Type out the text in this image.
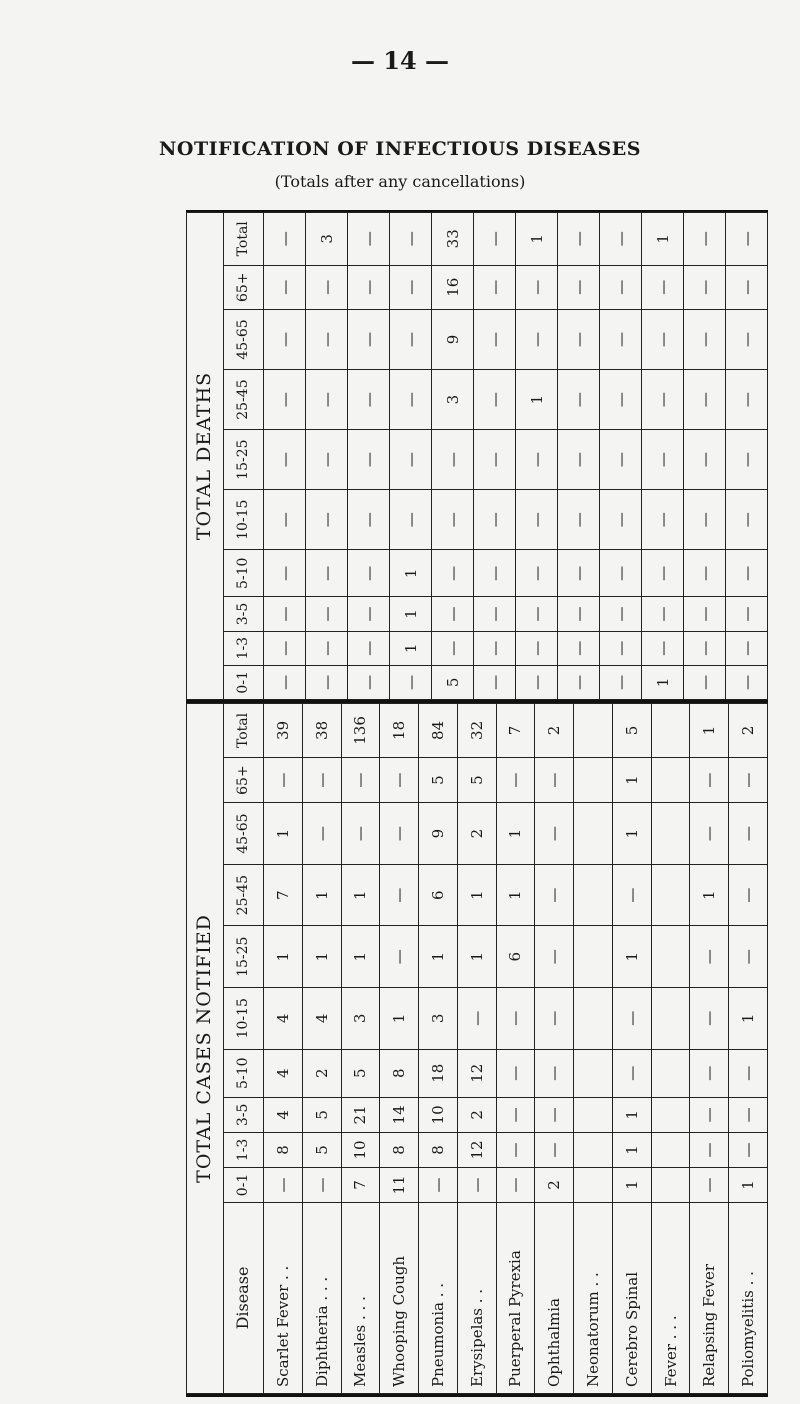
— 14 —
NOTIFICATION OF INFECTIOUS DISEASES
(Totals after any cancellations)
TOTAL DEATHS									
0-1	1-3	3-5	5-10	10-15	15-25	25-45	45-65	65+	Total
—	—	—	—	—	—	—	—	—	—
—	—	—	—	—	—	—	—	—	3
—	—	—	—	—	—	—	—	—	—
—	1	1	1	—	—	—	—	—	—
5	—	—	—	—	—	3	9	16	33
—	—	—	—	—	—	—	—	—	—
—	—	—	—	—	—	1	—	—	1
—	—	—	—	—	—	—	—	—	—
—	—	—	—	—	—	—	—	—	—
1	—	—	—	—	—	—	—	—	1
—	—	—	—	—	—	—	—	—	—
—	—	—	—	—	—	—	—	—	—
TOTAL CASES NOTIFIED										
Disease	0-1	1-3	3-5	5-10	10-15	15-25	25-45	45-65	65+	Total
Scarlet Fever . .	—	8	4	4	4	1	7	1	—	39
Diphtheria . . .	—	5	5	2	4	1	1	—	—	38
Measles . . .	7	10	21	5	3	1	1	—	—	136
Whooping Cough	11	8	14	8	1	—	—	—	—	18
Pneumonia . .	—	8	10	18	3	1	6	9	5	84
Erysipelas . .	—	12	2	12	—	1	1	2	5	32
Puerperal Pyrexia	—	—	—	—	—	6	1	1	—	7
Ophthalmia	2	—	—	—	—	—	—	—	—	2
Neonatorum . .										
Cerebro Spinal	1	1	1	—	—	1	—	1	1	5
Fever . . .										
Relapsing Fever	—	—	—	—	—	—	1	—	—	1
Poliomyelitis . .	1	—	—	—	1	—	—	—	—	2
